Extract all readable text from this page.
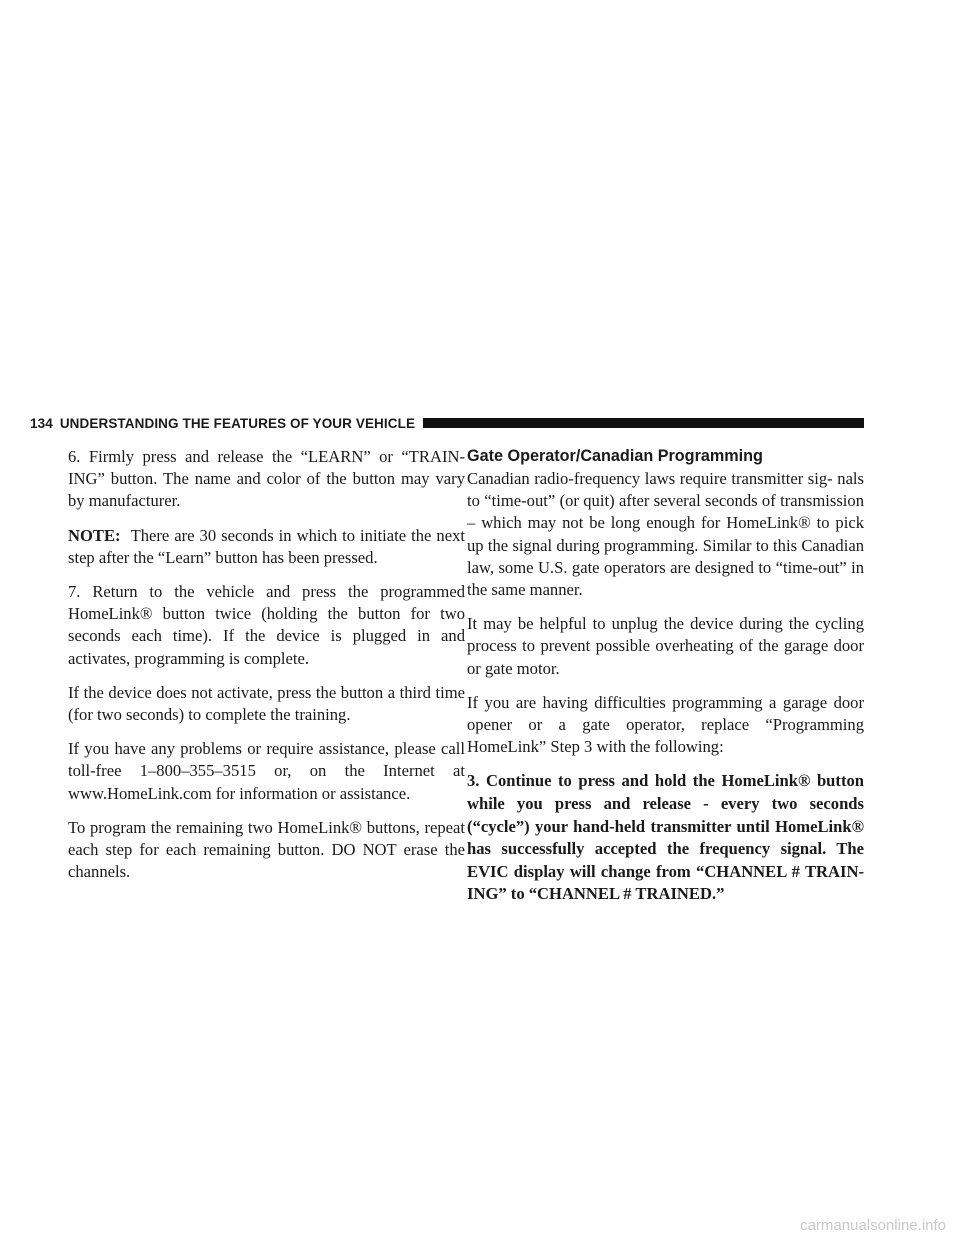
134 UNDERSTANDING THE FEATURES OF YOUR VEHICLE

6. Firmly press and release the “LEARN” or “TRAIN- ING” button. The name and color of the button may vary by manufacturer.

NOTE: There are 30 seconds in which to initiate the next step after the “Learn” button has been pressed.

7. Return to the vehicle and press the programmed HomeLink® button twice (holding the button for two seconds each time). If the device is plugged in and activates, programming is complete.

If the device does not activate, press the button a third time (for two seconds) to complete the training.

If you have any problems or require assistance, please call toll-free 1–800–355–3515 or, on the Internet at www.HomeLink.com for information or assistance.

To program the remaining two HomeLink® buttons, repeat each step for each remaining button. DO NOT erase the channels.

Gate Operator/Canadian Programming

Canadian radio-frequency laws require transmitter sig- nals to “time-out” (or quit) after several seconds of transmission – which may not be long enough for HomeLink® to pick up the signal during programming. Similar to this Canadian law, some U.S. gate operators are designed to “time-out” in the same manner.

It may be helpful to unplug the device during the cycling process to prevent possible overheating of the garage door or gate motor.

If you are having difficulties programming a garage door opener or a gate operator, replace “Programming HomeLink” Step 3 with the following:

3. Continue to press and hold the HomeLink® button while you press and release - every two seconds (“cycle”) your hand-held transmitter until HomeLink® has successfully accepted the frequency signal. The EVIC display will change from “CHANNEL # TRAIN- ING” to “CHANNEL # TRAINED.”

carmanualsonline.info
